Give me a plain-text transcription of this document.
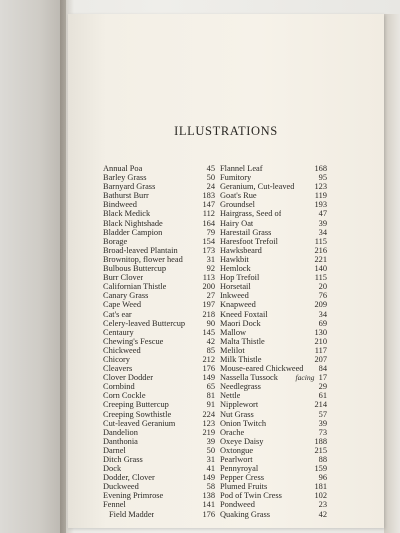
ILLUSTRATIONS
Annual Poa	45
Barley Grass	50
Barnyard Grass	24
Bathurst Burr	183
Bindweed	147
Black Medick	112
Black Nightshade	164
Bladder Campion	79
Borage	154
Broad-leaved Plantain	173
Brownitop, flower head	31
Bulbous Buttercup	92
Burr Clover	113
Californian Thistle	200
Canary Grass	27
Cape Weed	197
Cat's ear	218
Celery-leaved Buttercup	90
Centaury	145
Chewing's Fescue	42
Chickweed	85
Chicory	212
Cleavers	176
Clover Dodder	149
Cornbind	65
Corn Cockle	81
Creeping Buttercup	91
Creeping Sowthistle	224
Cut-leaved Geranium	123
Dandelion	219
Danthonia	39
Darnel	50
Ditch Grass	31
Dock	41
Dodder, Clover	149
Duckweed	58
Evening Primrose	138
Fennel	141
Field Madder	176
Flannel Leaf	168
Fumitory	95
Geranium, Cut-leaved 123
Goat's Rue	119
Groundsel	193
Hairgrass, Seed of	47
Hairy Oat	39
Harestail Grass	34
Haresfoot Trefoil	115
Hawksbeard	216
Hawkbit	221
Hemlock	140
Hop Trefoil	115
Horsetail	20
Inkweed	76
Knapweed	209
Kneed Foxtail	34
Maori Dock	69
Mallow	130
Malta Thistle	210
Melilot	117
Milk Thistle	207
Mouse-eared Chickweed 84
Nassella Tussock facing 17
Needlegrass	29
Nettle	61
Nipplewort	214
Nut Grass	57
Onion Twitch	39
Orache	73
Oxeye Daisy	188
Oxtongue	215
Pearlwort	88
Pennyroyal	159
Pepper Cress	96
Plumed Fruits	181
Pod of Twin Cress	102
Pondweed	23
Quaking Grass	42
